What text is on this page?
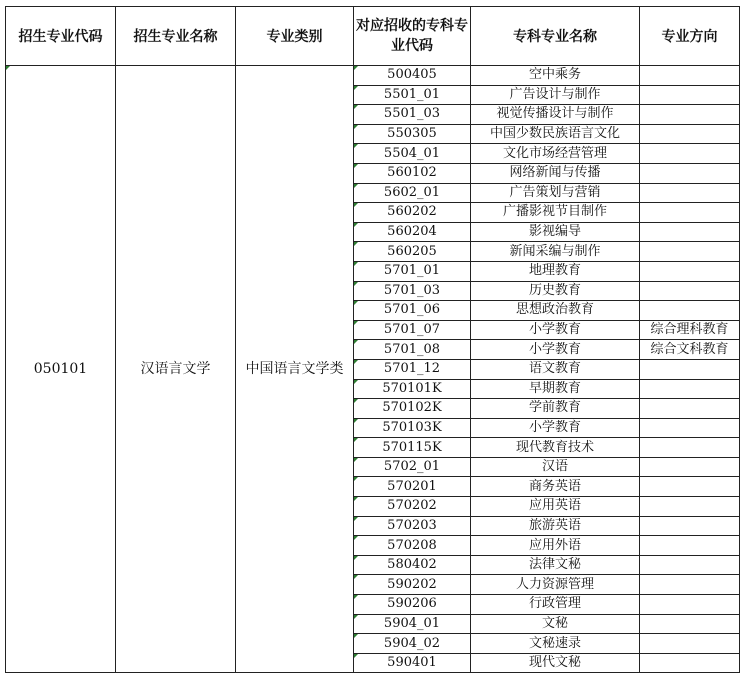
招生专业代码	招生专业名称	专业类别	对应招收的专科专业代码	专科专业名称	专业方向
050101	汉语言文学	中国语言文学类	500405	空中乘务	
			5501_01	广告设计与制作	
			5501_03	视觉传播设计与制作	
			550305	中国少数民族语言文化	
			5504_01	文化市场经营管理	
			560102	网络新闻与传播	
			5602_01	广告策划与营销	
			560202	广播影视节目制作	
			560204	影视编导	
			560205	新闻采编与制作	
			5701_01	地理教育	
			5701_03	历史教育	
			5701_06	思想政治教育	
			5701_07	小学教育	综合理科教育
			5701_08	小学教育	综合文科教育
			5701_12	语文教育	
			570101K	早期教育	
			570102K	学前教育	
			570103K	小学教育	
			570115K	现代教育技术	
			5702_01	汉语	
			570201	商务英语	
			570202	应用英语	
			570203	旅游英语	
			570208	应用外语	
			580402	法律文秘	
			590202	人力资源管理	
			590206	行政管理	
			5904_01	文秘	
			5904_02	文秘速录	
			590401	现代文秘	
